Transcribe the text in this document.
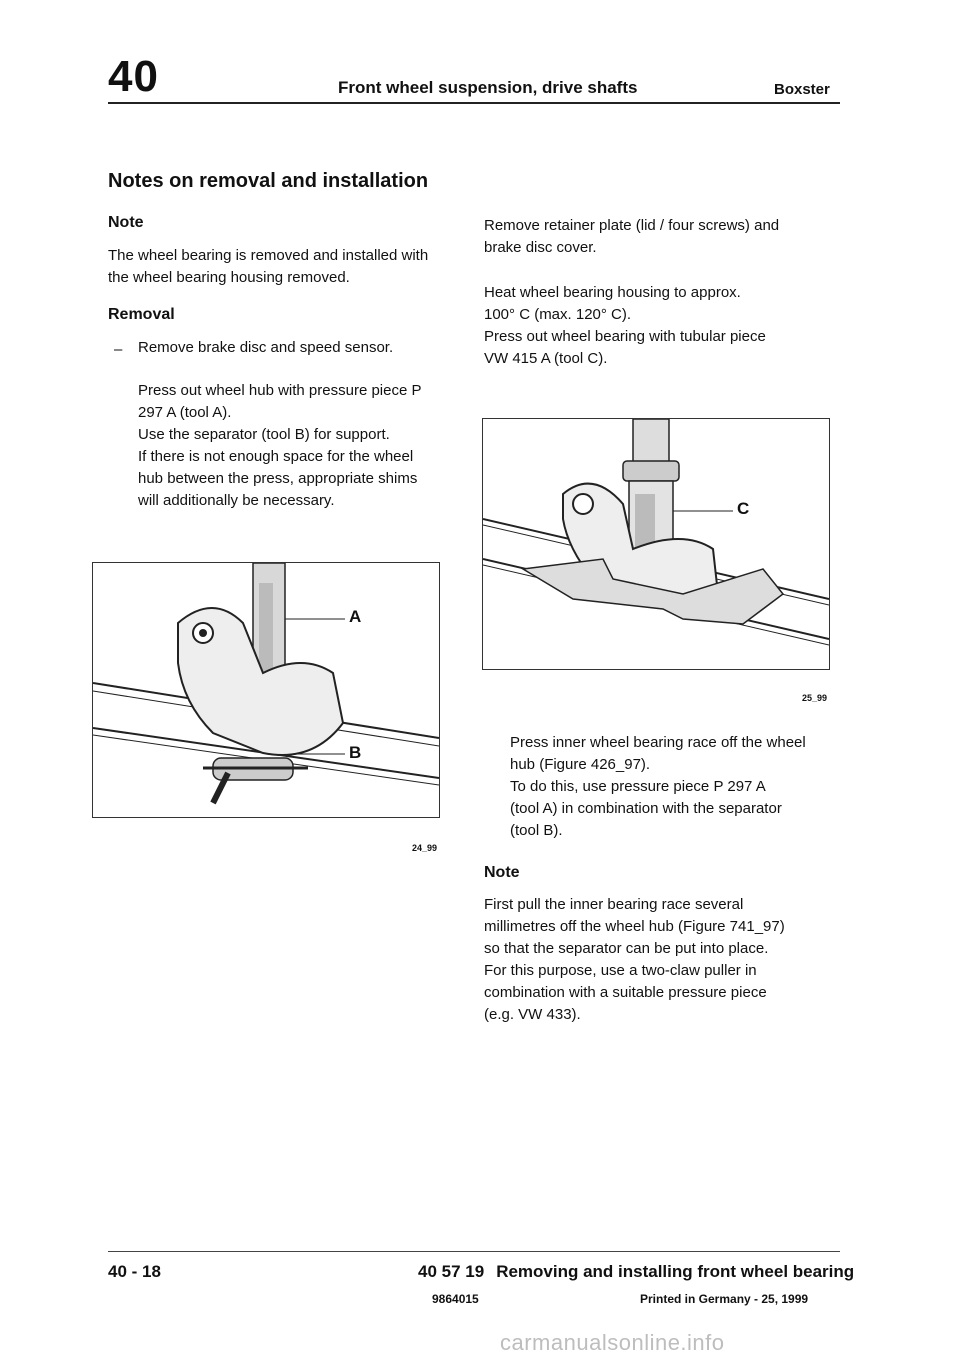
40	Front wheel suspension, drive shafts	Boxster
Notes on removal and installation
Note
The wheel bearing is removed and installed with
the wheel bearing housing removed.
Removal
– Remove brake disc and speed sensor.
Press out wheel hub with pressure piece P
297 A (tool A).
Use the separator (tool B) for support.
If there is not enough space for the wheel
hub between the press, appropriate shims
will additionally be necessary.
A
B
24_99
Remove retainer plate (lid / four screws) and
brake disc cover.
Heat wheel bearing housing to approx.
100° C (max. 120° C).
Press out wheel bearing with tubular piece
VW 415 A (tool C).
C
25_99
Press inner wheel bearing race off the wheel
hub (Figure 426_97).
To do this, use pressure piece P 297 A
(tool A) in combination with the separator
(tool B).
Note
First pull the inner bearing race several
millimetres off the wheel hub (Figure 741_97)
so that the separator can be put into place.
For this purpose, use a two-claw puller in
combination with a suitable pressure piece
(e.g. VW 433).
40 - 18	40 57 19 Removing and installing front wheel bearing
9864015	Printed in Germany - 25, 1999
carmanualsonline.info
